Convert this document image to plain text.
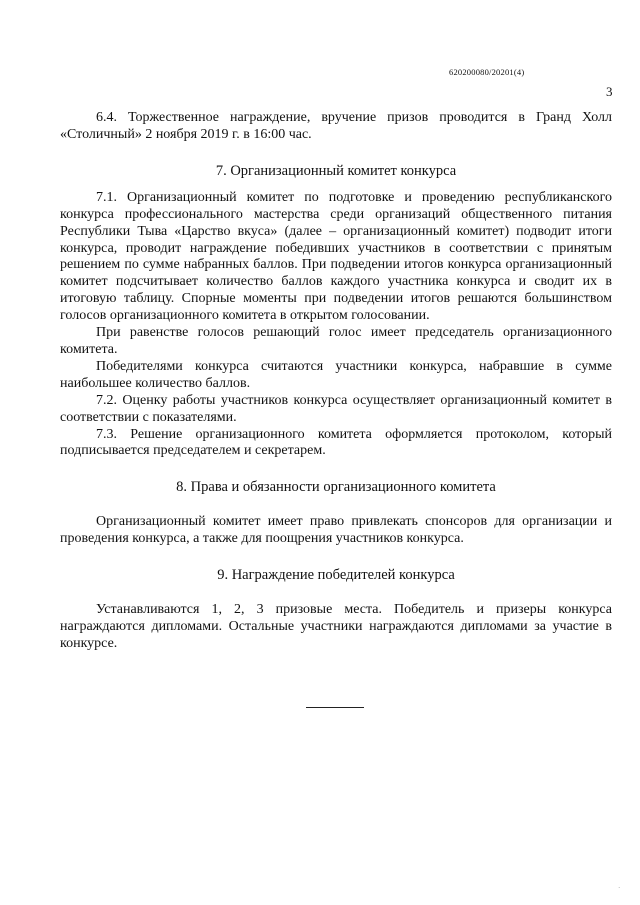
620200080/20201(4)
3

6.4. Торжественное награждение, вручение призов проводится в Гранд Холл «Столичный» 2 ноября 2019 г. в 16:00 час.

7. Организационный комитет конкурса

7.1. Организационный комитет по подготовке и проведению республиканского конкурса профессионального мастерства среди организаций общественного питания Республики Тыва «Царство вкуса» (далее – организационный комитет) подводит итоги конкурса, проводит награждение победивших участников в соответствии с принятым решением по сумме набранных баллов. При подведении итогов конкурса организационный комитет подсчитывает количество баллов каждого участника конкурса и сводит их в итоговую таблицу. Спорные моменты при подведении итогов решаются большинством голосов организационного комитета в открытом голосовании.

При равенстве голосов решающий голос имеет председатель организационного комитета.

Победителями конкурса считаются участники конкурса, набравшие в сумме наибольшее количество баллов.

7.2. Оценку работы участников конкурса осуществляет организационный комитет в соответствии с показателями.

7.3. Решение организационного комитета оформляется протоколом, который подписывается председателем и секретарем.

8. Права и обязанности организационного комитета

Организационный комитет имеет право привлекать спонсоров для организации и проведения конкурса, а также для поощрения участников конкурса.

9. Награждение победителей конкурса

Устанавливаются 1, 2, 3 призовые места. Победитель и призеры конкурса награждаются дипломами. Остальные участники награждаются дипломами за участие в конкурсе.

·
